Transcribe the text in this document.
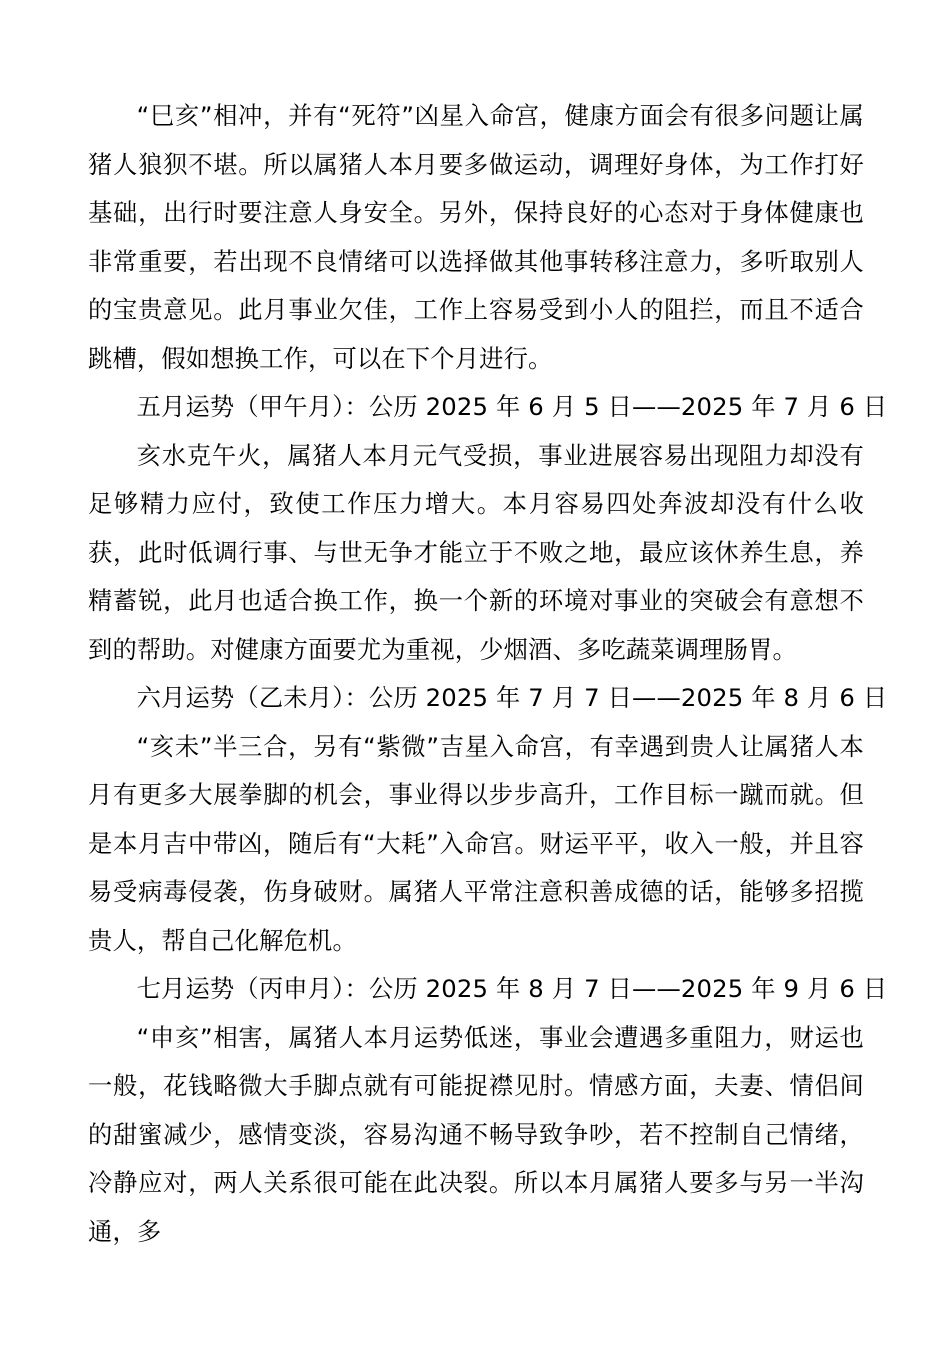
“巳亥”相冲，并有“死符”凶星入命宫，健康方面会有很多问题让属猪人狼狈不堪。所以属猪人本月要多做运动，调理好身体，为工作打好基础，出行时要注意人身安全。另外，保持良好的心态对于身体健康也非常重要，若出现不良情绪可以选择做其他事转移注意力，多听取别人的宝贵意见。此月事业欠佳，工作上容易受到小人的阻拦，而且不适合跳槽，假如想换工作，可以在下个月进行。

五月运势（甲午月）：公历 2025 年 6 月 5 日——2025 年 7 月 6 日

亥水克午火，属猪人本月元气受损，事业进展容易出现阻力却没有足够精力应付，致使工作压力增大。本月容易四处奔波却没有什么收获，此时低调行事、与世无争才能立于不败之地，最应该休养生息，养精蓄锐，此月也适合换工作，换一个新的环境对事业的突破会有意想不到的帮助。对健康方面要尤为重视，少烟酒、多吃蔬菜调理肠胃。

六月运势（乙未月）：公历 2025 年 7 月 7 日——2025 年 8 月 6 日

“亥未”半三合，另有“紫微”吉星入命宫，有幸遇到贵人让属猪人本月有更多大展拳脚的机会，事业得以步步高升，工作目标一蹴而就。但是本月吉中带凶，随后有“大耗”入命宫。财运平平，收入一般，并且容易受病毒侵袭，伤身破财。属猪人平常注意积善成德的话，能够多招揽贵人，帮自己化解危机。

七月运势（丙申月）：公历 2025 年 8 月 7 日——2025 年 9 月 6 日

“申亥”相害，属猪人本月运势低迷，事业会遭遇多重阻力，财运也一般，花钱略微大手脚点就有可能捉襟见肘。情感方面，夫妻、情侣间的甜蜜减少，感情变淡，容易沟通不畅导致争吵，若不控制自己情绪，冷静应对，两人关系很可能在此决裂。所以本月属猪人要多与另一半沟通，多
